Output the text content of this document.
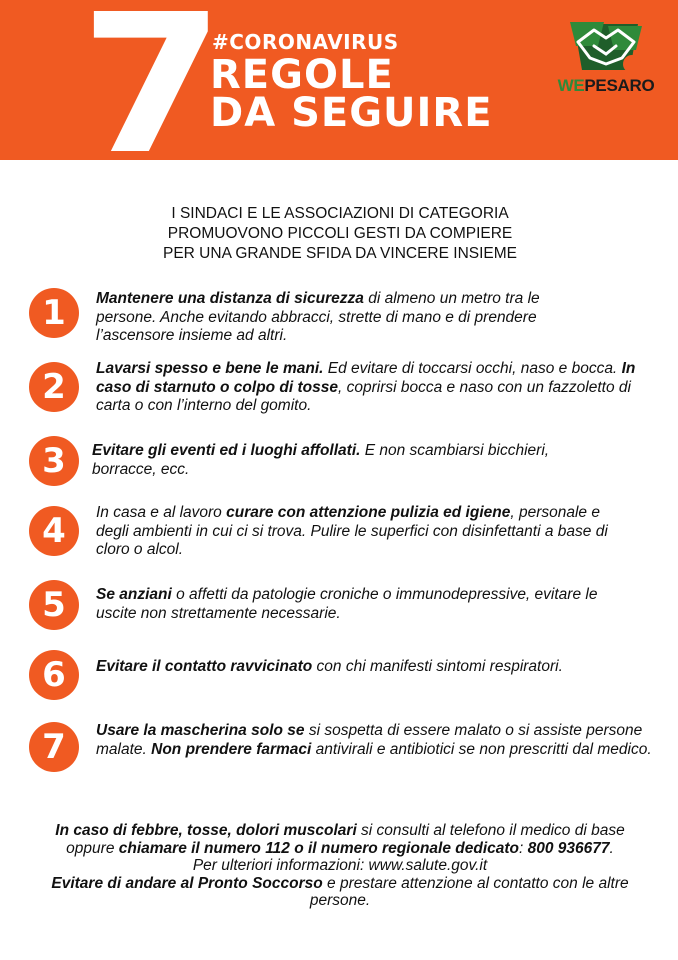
7
#CORONAVIRUS
REGOLE
DA SEGUIRE
WEPESARO
I SINDACI E LE ASSOCIAZIONI DI CATEGORIA
PROMUOVONO PICCOLI GESTI DA COMPIERE
PER UNA GRANDE SFIDA DA VINCERE INSIEME
1	Mantenere una distanza di sicurezza di almeno un metro tra le persone. Anche evitando abbracci, strette di mano e di prendere l’ascensore insieme ad altri.
2	Lavarsi spesso e bene le mani. Ed evitare di toccarsi occhi, naso e bocca. In caso di starnuto o colpo di tosse, coprirsi bocca e naso con un fazzoletto di carta o con l’interno del gomito.
3	Evitare gli eventi ed i luoghi affollati. E non scambiarsi bicchieri, borracce, ecc.
4	In casa e al lavoro curare con attenzione pulizia ed igiene, personale e degli ambienti in cui ci si trova. Pulire le superfici con disinfettanti a base di cloro o alcol.
5	Se anziani o affetti da patologie croniche o immunodepressive, evitare le uscite non strettamente necessarie.
6	Evitare il contatto ravvicinato con chi manifesti sintomi respiratori.
7	Usare la mascherina solo se si sospetta di essere malato o si assiste persone malate. Non prendere farmaci antivirali e antibiotici se non prescritti dal medico.
In caso di febbre, tosse, dolori muscolari si consulti al telefono il medico di base oppure chiamare il numero 112 o il numero regionale dedicato: 800 936677.
Per ulteriori informazioni: www.salute.gov.it
Evitare di andare al Pronto Soccorso e prestare attenzione al contatto con le altre persone.
